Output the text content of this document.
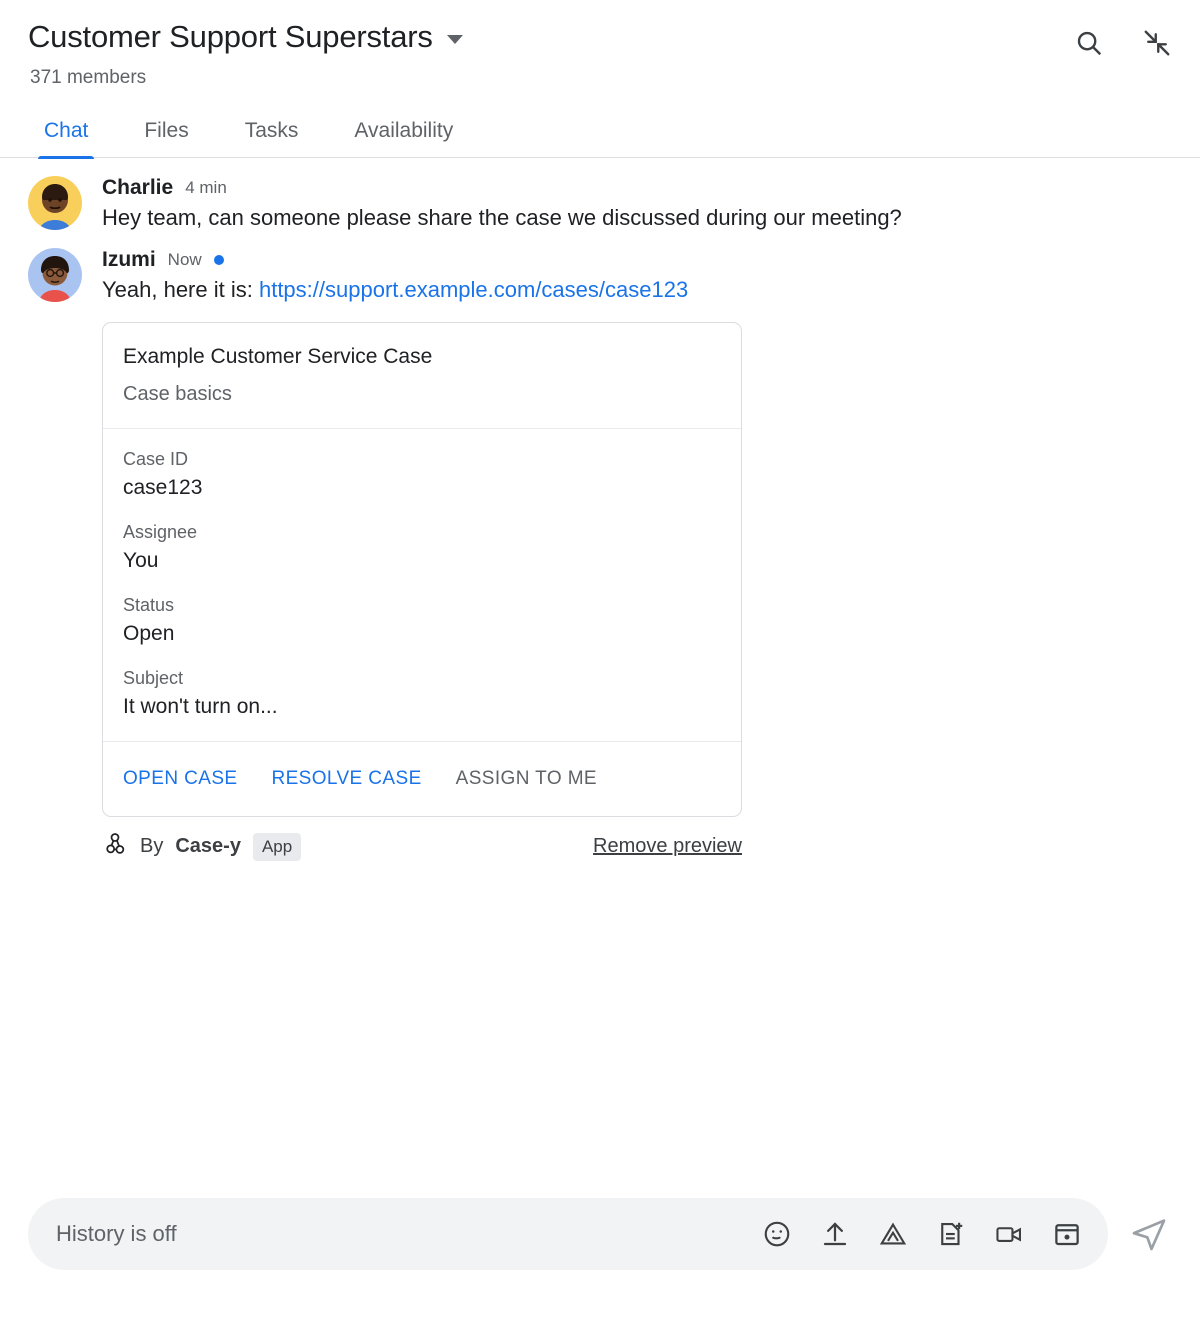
Customer Support Superstars
371 members
Chat	Files	Tasks	Availability
Charlie 4 min
Hey team, can someone please share the case we discussed during our meeting?
Izumi Now
Yeah, here it is: https://support.example.com/cases/case123
Example Customer Service Case
Case basics
Case ID
case123
Assignee
You
Status
Open
Subject
It won't turn on...
OPEN CASE RESOLVE CASE ASSIGN TO ME
By Case-y	App	Remove preview
History is off
